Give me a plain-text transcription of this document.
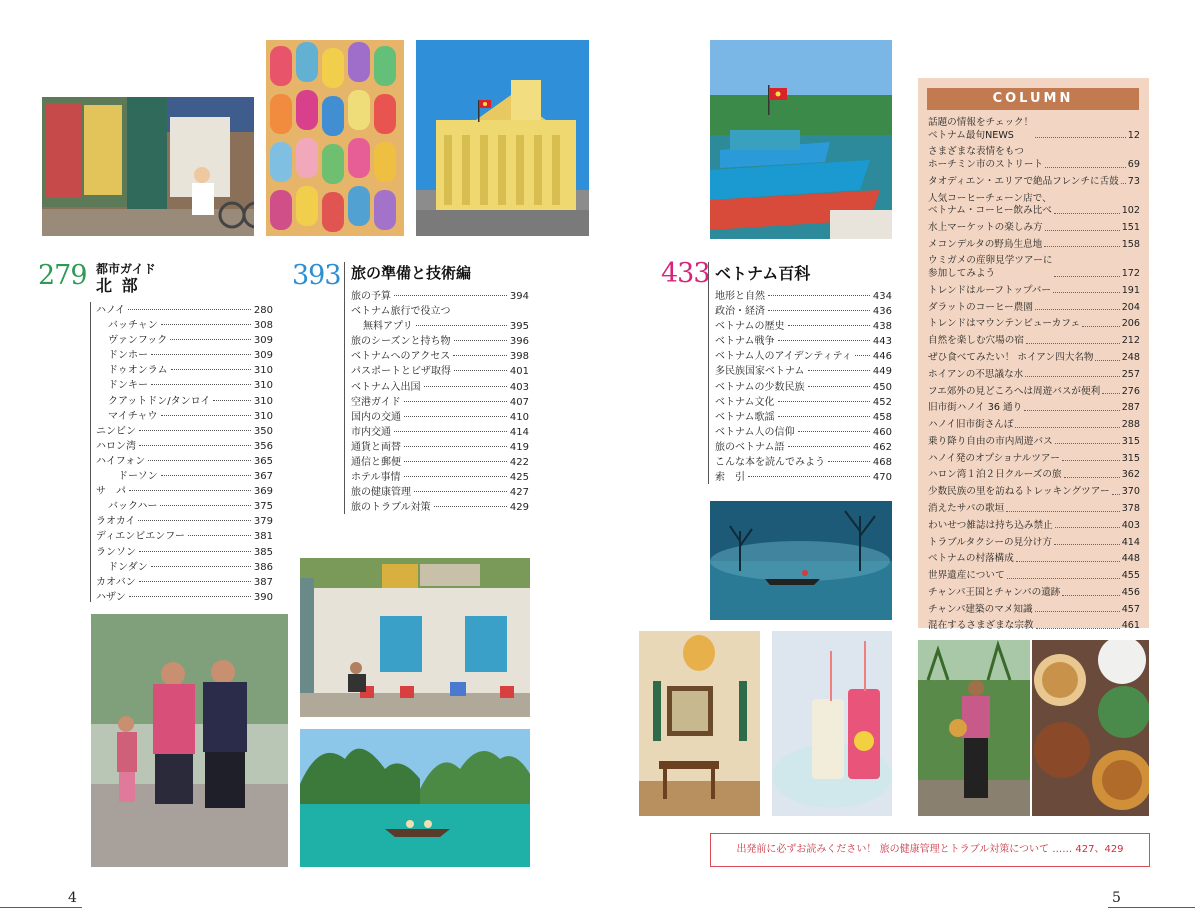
279 都市ガイド
北 部
ハノイ	280
バッチャン	308
ヴァンフック	309
ドンホー	309
ドゥオンラム	310
ドンキー	310
クアットドン/タンロイ	310
マイチャウ	310
ニンビン	350
ハロン湾	356
ハイフォン	365
ドーソン	367
サ　パ	369
バックハー	375
ラオカイ	379
ディエンビエンフー	381
ランソン	385
ドンダン	386
カオバン	387
ハザン	390
393 旅の準備と技術編
旅の予算	394
ベトナム旅行で役立つ
無料アプリ	395
旅のシーズンと持ち物	396
ベトナムへのアクセス	398
パスポートとビザ取得	401
ベトナム入出国	403
空港ガイド	407
国内の交通	410
市内交通	414
通貨と両替	419
通信と郵便	422
ホテル事情	425
旅の健康管理	427
旅のトラブル対策	429
433 ベトナム百科
地形と自然	434
政治・経済	436
ベトナムの歴史	438
ベトナム戦争	443
ベトナム人のアイデンティティ 446
多民族国家ベトナム	449
ベトナムの少数民族	450
ベトナム文化	452
ベトナム歌謡	458
ベトナム人の信仰	460
旅のベトナム語	462
こんな本を読んでみよう	468
索　引	470
COLUMN
話題の情報をチェック！
ベトナム最旬NEWS	12
さまざまな表情をもつ
ホーチミン市のストリート	69
タオディエン・エリアで絶品フレンチに舌鼓 73
人気コーヒーチェーン店で、
ベトナム・コーヒー飲み比べ	102
水上マーケットの楽しみ方	151
メコンデルタの野鳥生息地	158
ウミガメの産卵見学ツアーに
参加してみよう	172
トレンドはルーフトップバー	191
ダラットのコーヒー農園	204
トレンドはマウンテンビューカフェ	206
自然を楽しむ穴場の宿	212
ぜひ食べてみたい！ ホイアン四大名物	248
ホイアンの不思議な水	257
フエ郊外の見どころへは周遊バスが便利 276
旧市街ハノイ 36 通り	287
ハノイ旧市街さんぽ	288
乗り降り自由の市内周遊バス	315
ハノイ発のオプショナルツアー	315
ハロン湾１泊２日クルーズの旅	362
少数民族の里を訪ねるトレッキングツアー 370
消えたサパの歌垣	378
わいせつ雑誌は持ち込み禁止	403
トラブルタクシーの見分け方	414
ベトナムの村落構成	448
世界遺産について	455
チャンパ王国とチャンパの遺跡	456
チャンパ建築のマメ知識	457
混在するさまざまな宗教	461
出発前に必ずお読みください！ 旅の健康管理とトラブル対策について …… 427、429
4	5
